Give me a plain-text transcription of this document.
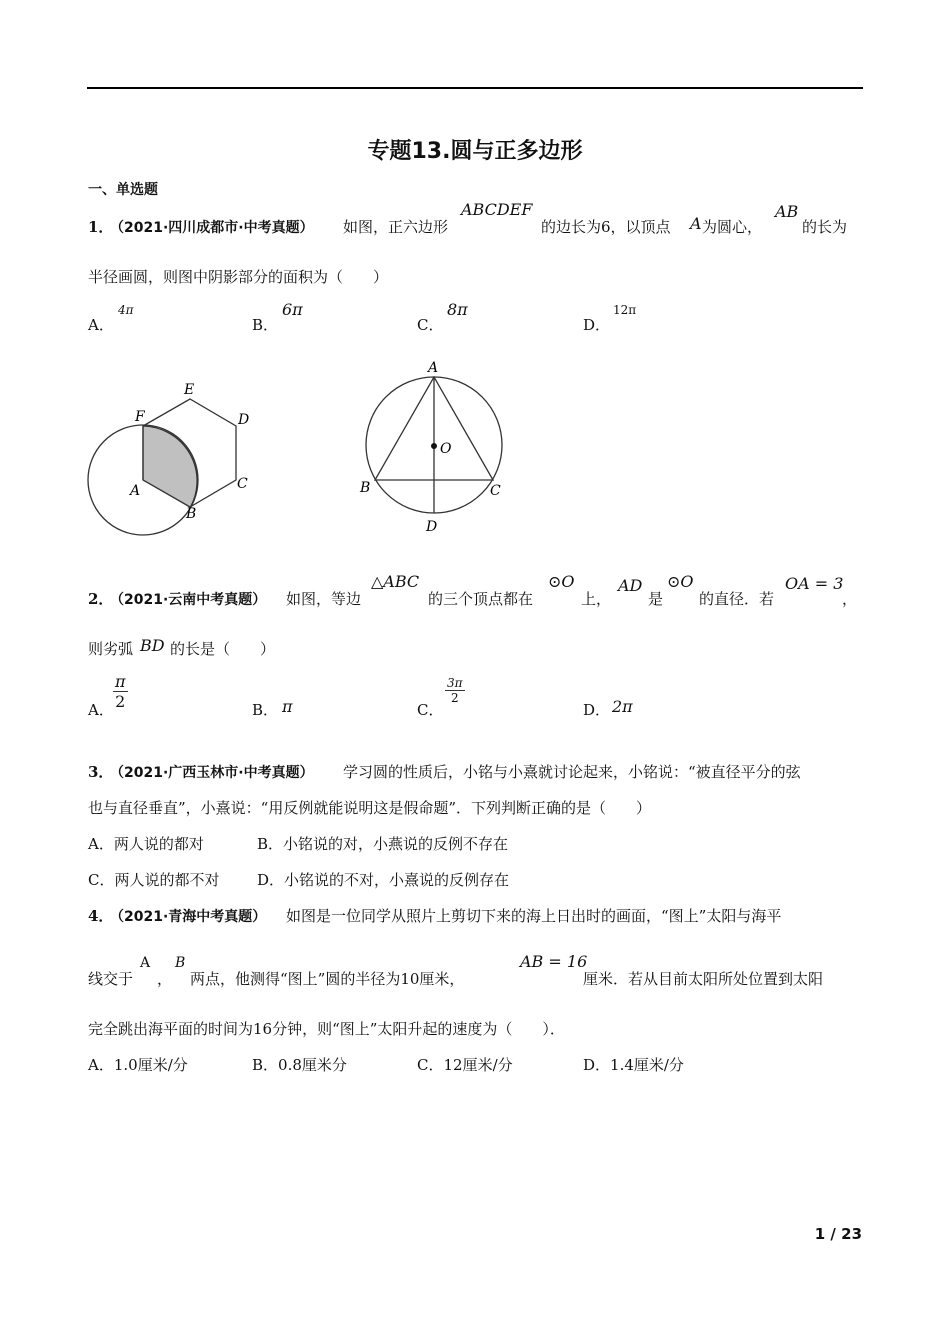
专题13.圆与正多边形
一、单选题
1．
（2021·四川成都市·中考真题） 如图，正六边形
ABCDEF
的边长为6，以顶点 A 为圆心，
AB
的长为
半径画圆，则图中阴影部分的面积为（　　）
A．
4π
B．
6π
C．
8π
D．
12π
E
F	D
A	C
B
A
O
B	C
D
2．
（2021·云南中考真题） 如图，等边
△ABC
的三个顶点都在
⊙O
上，
AD
是
⊙O
的直径．若
OA = 3
，
则劣弧 BD 的长是（　　）
A． $\frac{\pi}{2}$	B． π	C．
$\frac{3\pi}{2}$
D． 2π
3．
（2021·广西玉林市·中考真题） 学习圆的性质后，小铭与小熹就讨论起来，小铭说：“被直径平分的弦
也与直径垂直”，小熹说：“用反例就能说明这是假命题”．下列判断正确的是（　　）
A．两人说的都对	B．小铭说的对，小燕说的反例不存在
C．两人说的都不对	D．小铭说的不对，小熹说的反例存在
4．
（2021·青海中考真题） 如图是一位同学从照片上剪切下来的海上日出时的画面，“图上”太阳与海平
线交于
A
，
B
两点，他测得“图上”圆的半径为10厘米，
AB = 16
厘米．若从目前太阳所处位置到太阳
完全跳出海平面的时间为16分钟，则“图上”太阳升起的速度为（　　）．
A．1.0厘米/分	B．0.8厘米分	C．12厘米/分	D．1.4厘米/分
1 / 23
